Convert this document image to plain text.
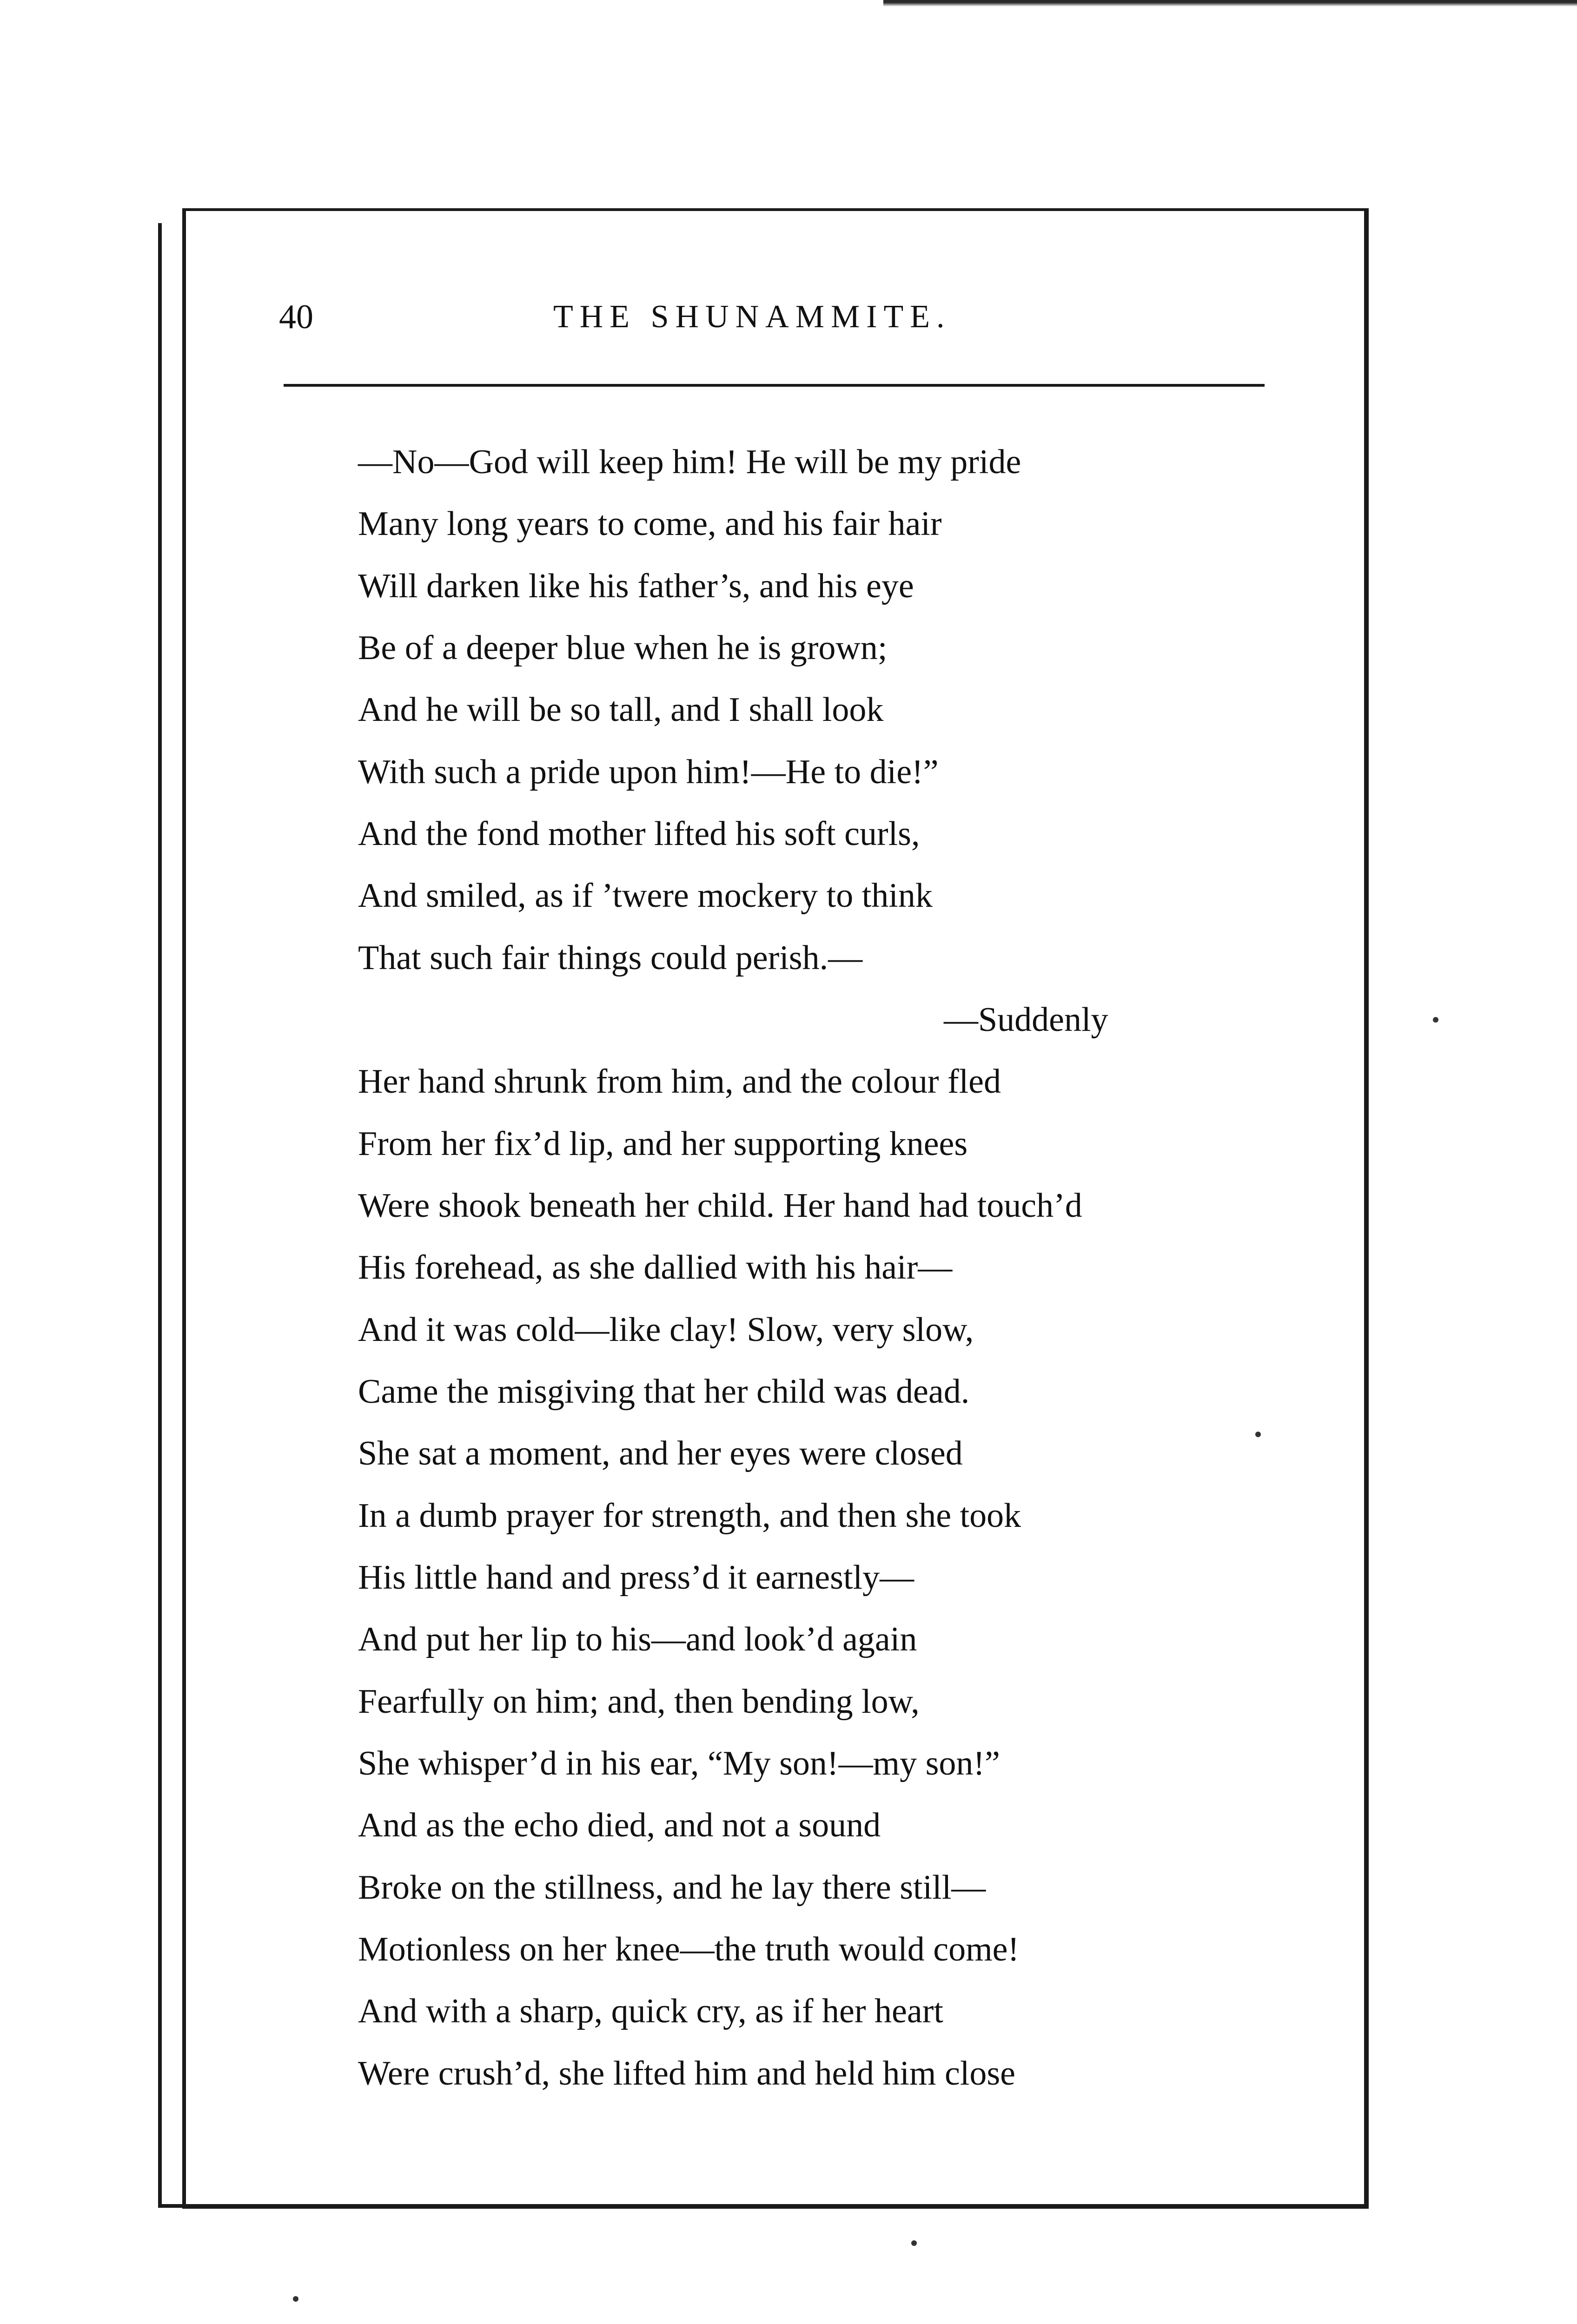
40	THE SHUNAMMITE.

—No—God will keep him! He will be my pride
Many long years to come, and his fair hair
Will darken like his father’s, and his eye
Be of a deeper blue when he is grown;
And he will be so tall, and I shall look
With such a pride upon him!—He to die!”
And the fond mother lifted his soft curls,
And smiled, as if ’twere mockery to think
That such fair things could perish.—
—Suddenly
Her hand shrunk from him, and the colour fled
From her fix’d lip, and her supporting knees
Were shook beneath her child. Her hand had touch’d
His forehead, as she dallied with his hair—
And it was cold—like clay! Slow, very slow,
Came the misgiving that her child was dead.
She sat a moment, and her eyes were closed
In a dumb prayer for strength, and then she took
His little hand and press’d it earnestly—
And put her lip to his—and look’d again
Fearfully on him; and, then bending low,
She whisper’d in his ear, “My son!—my son!”
And as the echo died, and not a sound
Broke on the stillness, and he lay there still—
Motionless on her knee—the truth would come!
And with a sharp, quick cry, as if her heart
Were crush’d, she lifted him and held him close
